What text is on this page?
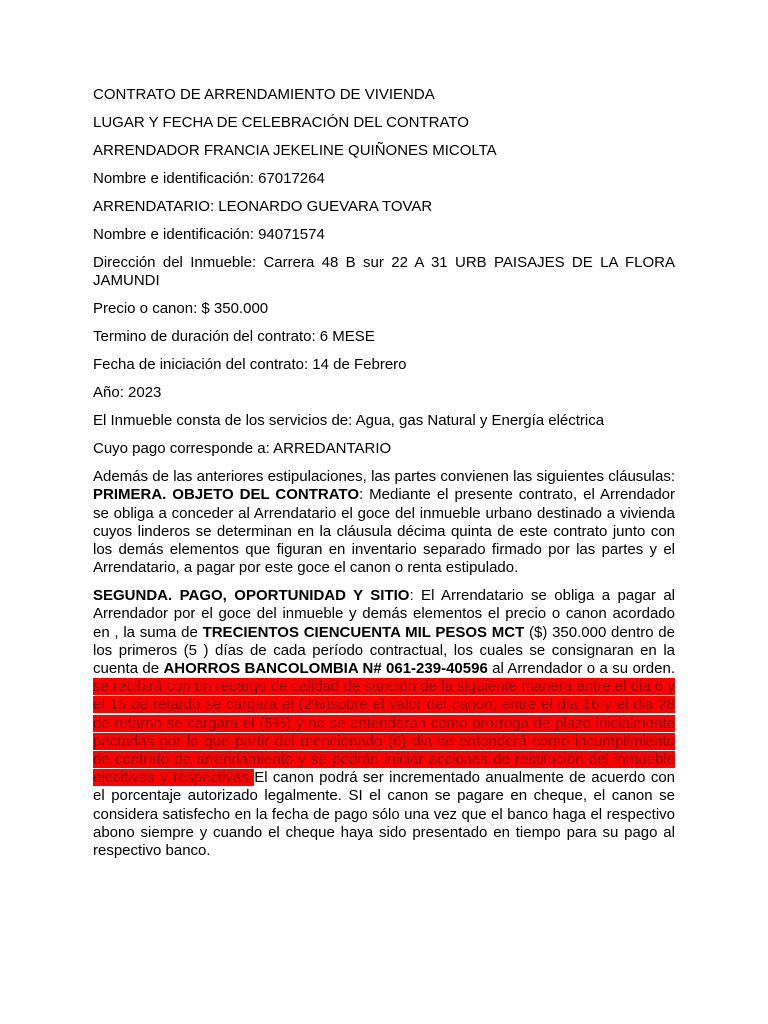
CONTRATO DE ARRENDAMIENTO DE VIVIENDA

LUGAR Y FECHA DE CELEBRACIÓN DEL CONTRATO

ARRENDADOR FRANCIA JEKELINE QUIÑONES MICOLTA

Nombre e identificación: 67017264

ARRENDATARIO: LEONARDO GUEVARA TOVAR

Nombre e identificación: 94071574

Dirección del Inmueble: Carrera 48 B sur 22 A 31 URB PAISAJES DE LA FLORA JAMUNDI

Precio o canon: $ 350.000

Termino de duración del contrato: 6 MESE

Fecha de iniciación del contrato: 14 de Febrero

Año: 2023

El Inmueble consta de los servicios de: Agua, gas Natural y Energía eléctrica

Cuyo pago corresponde a: ARREDANTARIO

Además de las anteriores estipulaciones, las partes convienen las siguientes cláusulas: PRIMERA. OBJETO DEL CONTRATO: Mediante el presente contrato, el Arrendador se obliga a conceder al Arrendatario el goce del inmueble urbano destinado a vivienda cuyos linderos se determinan en la cláusula décima quinta de este contrato junto con los demás elementos que figuran en inventario separado firmado por las partes y el Arrendatario, a pagar por este goce el canon o renta estipulado.

SEGUNDA. PAGO, OPORTUNIDAD Y SITIO: El Arrendatario se obliga a pagar al Arrendador por el goce del inmueble y demás elementos el precio o canon acordado en , la suma de TRECIENTOS CIENCUENTA MIL PESOS MCT ($) 350.000 dentro de los primeros (5 ) días de cada período contractual, los cuales se consignaran en la cuenta de AHORROS BANCOLOMBIA N# 061-239-40596 al Arrendador o a su orden. se recibirá con un recargo de calidad de sanción de la siguiente manera entre el dia 6 y el 15 de retardo se cargara el (2%)sobre el valor del canon, entre el dia 16 y el dia 28 de retarno se cargara el (5%) y no se entenderan como prorroga de plazo inicialmente pactadas por lo que partir del mencionado (6) dia se entenderá como incumplimiento de contrato de arrendamiento y se podrán iniciar acciones de restitución del inmueble ejecitivas y respectivas El canon podrá ser incrementado anualmente de acuerdo con el porcentaje autorizado legalmente. SI el canon se pagare en cheque, el canon se considera satisfecho en la fecha de pago sólo una vez que el banco haga el respectivo abono siempre y cuando el cheque haya sido presentado en tiempo para su pago al respectivo banco.
